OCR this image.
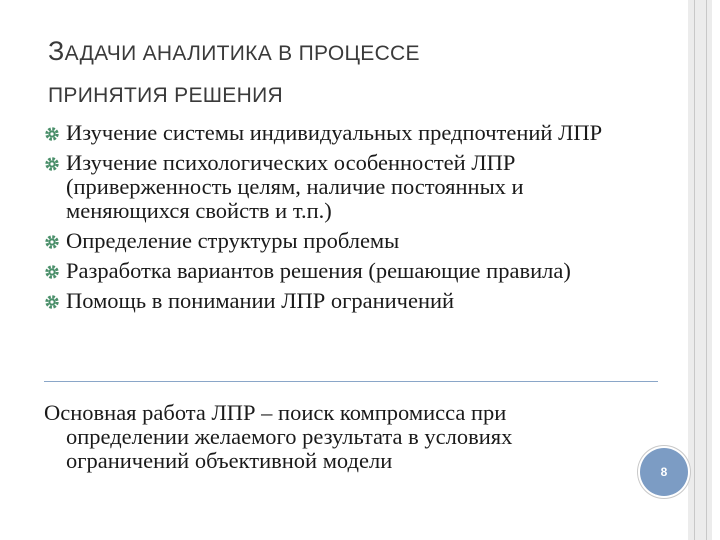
ЗАДАЧИ АНАЛИТИКА В ПРОЦЕССЕ
ПРИНЯТИЯ РЕШЕНИЯ
Изучение системы индивидуальных предпочтений ЛПР
Изучение психологических особенностей ЛПР (приверженность целям, наличие постоянных и меняющихся свойств и т.п.)
Определение структуры проблемы
Разработка вариантов решения (решающие правила)
Помощь в понимании ЛПР ограничений

Основная работа ЛПР – поиск компромисса при определении желаемого результата в условиях ограничений объективной модели	8
